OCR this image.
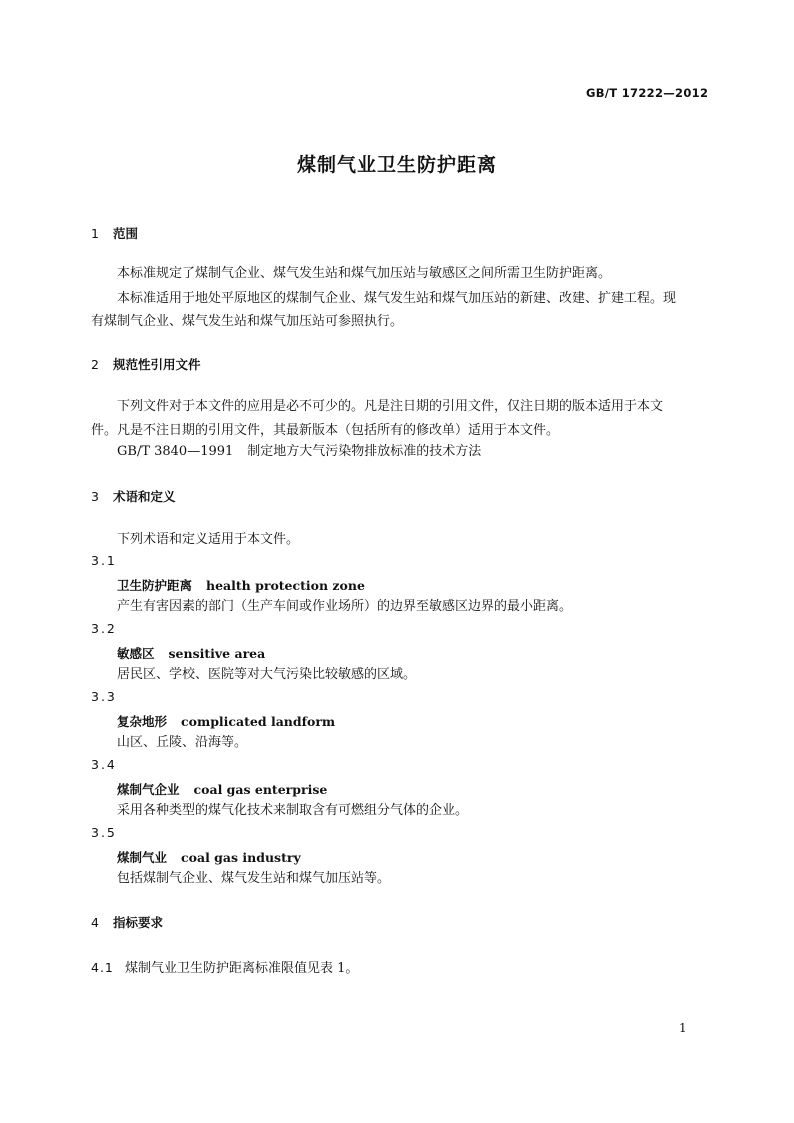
GB/T 17222—2012
煤制气业卫生防护距离
1 范围
本标准规定了煤制气企业、煤气发生站和煤气加压站与敏感区之间所需卫生防护距离。
本标准适用于地处平原地区的煤制气企业、煤气发生站和煤气加压站的新建、改建、扩建工程。现
有煤制气企业、煤气发生站和煤气加压站可参照执行。
2 规范性引用文件
下列文件对于本文件的应用是必不可少的。凡是注日期的引用文件，仅注日期的版本适用于本文
件。凡是不注日期的引用文件，其最新版本（包括所有的修改单）适用于本文件。
GB/T 3840—1991 制定地方大气污染物排放标准的技术方法
3 术语和定义
下列术语和定义适用于本文件。
3.1
卫生防护距离 health protection zone
产生有害因素的部门（生产车间或作业场所）的边界至敏感区边界的最小距离。
3.2
敏感区 sensitive area
居民区、学校、医院等对大气污染比较敏感的区域。
3.3
复杂地形 complicated landform
山区、丘陵、沿海等。
3.4
煤制气企业 coal gas enterprise
采用各种类型的煤气化技术来制取含有可燃组分气体的企业。
3.5
煤制气业 coal gas industry
包括煤制气企业、煤气发生站和煤气加压站等。
4 指标要求
4.1 煤制气业卫生防护距离标准限值见表 1。
1
